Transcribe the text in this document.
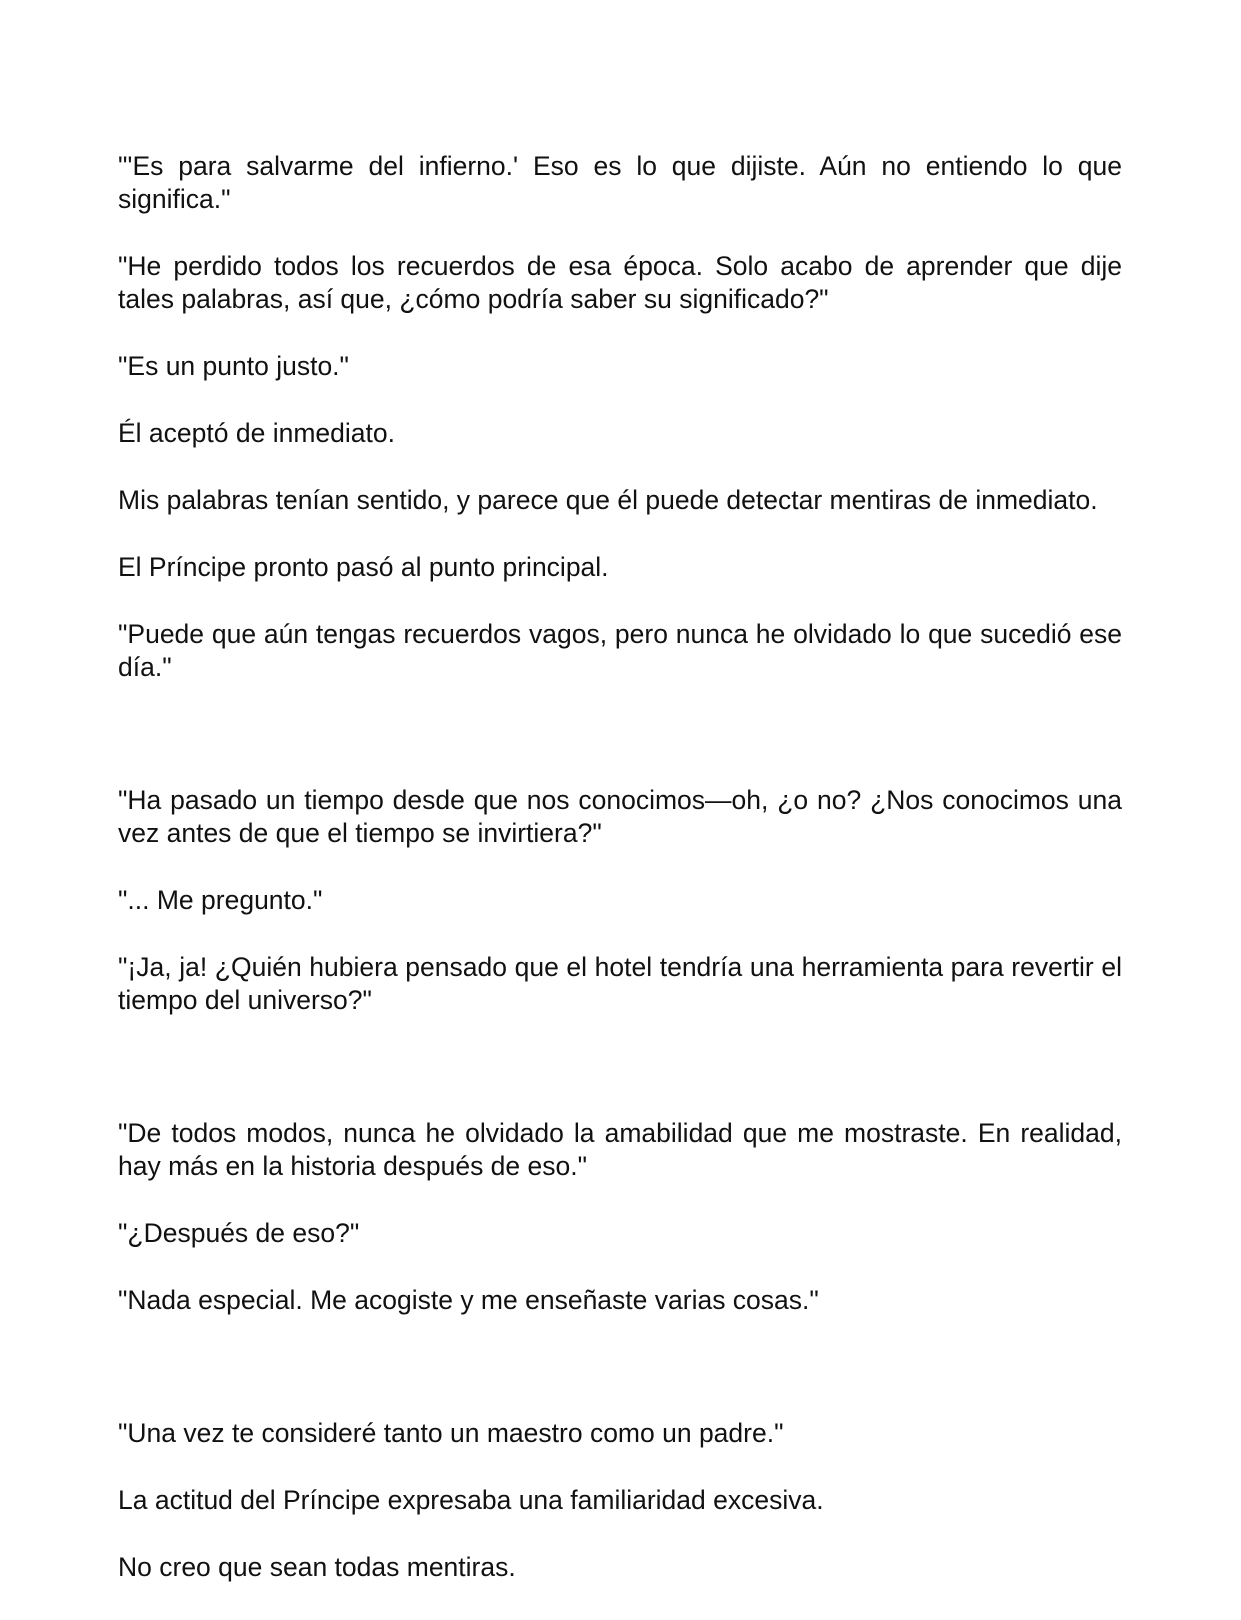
"'Es para salvarme del infierno.' Eso es lo que dijiste. Aún no entiendo lo que significa."

"He perdido todos los recuerdos de esa época. Solo acabo de aprender que dije tales palabras, así que, ¿cómo podría saber su significado?"

"Es un punto justo."

Él aceptó de inmediato.

Mis palabras tenían sentido, y parece que él puede detectar mentiras de inmediato.

El Príncipe pronto pasó al punto principal.

"Puede que aún tengas recuerdos vagos, pero nunca he olvidado lo que sucedió ese día."

"Ha pasado un tiempo desde que nos conocimos—oh, ¿o no? ¿Nos conocimos una vez antes de que el tiempo se invirtiera?"

"... Me pregunto."

"¡Ja, ja! ¿Quién hubiera pensado que el hotel tendría una herramienta para revertir el tiempo del universo?"

"De todos modos, nunca he olvidado la amabilidad que me mostraste. En realidad, hay más en la historia después de eso."

"¿Después de eso?"

"Nada especial. Me acogiste y me enseñaste varias cosas."

"Una vez te consideré tanto un maestro como un padre."

La actitud del Príncipe expresaba una familiaridad excesiva.

No creo que sean todas mentiras.
